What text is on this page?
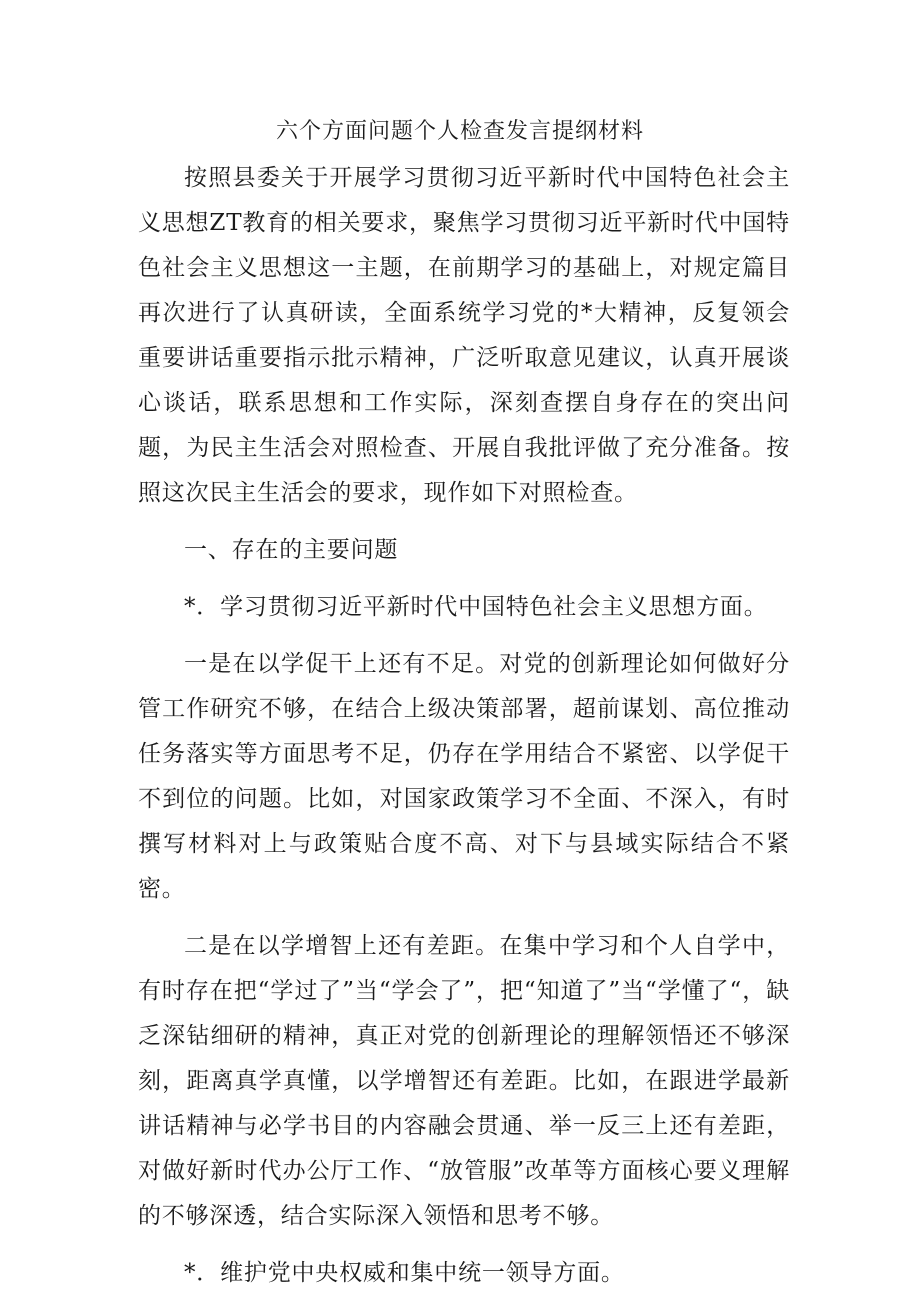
六个方面问题个人检查发言提纲材料

按照县委关于开展学习贯彻习近平新时代中国特色社会主义思想ZT教育的相关要求，聚焦学习贯彻习近平新时代中国特色社会主义思想这一主题，在前期学习的基础上，对规定篇目再次进行了认真研读，全面系统学习党的*大精神，反复领会重要讲话重要指示批示精神，广泛听取意见建议，认真开展谈心谈话，联系思想和工作实际，深刻查摆自身存在的突出问题，为民主生活会对照检查、开展自我批评做了充分准备。按照这次民主生活会的要求，现作如下对照检查。

一、存在的主要问题

*．学习贯彻习近平新时代中国特色社会主义思想方面。

一是在以学促干上还有不足。对党的创新理论如何做好分管工作研究不够，在结合上级决策部署，超前谋划、高位推动任务落实等方面思考不足，仍存在学用结合不紧密、以学促干不到位的问题。比如，对国家政策学习不全面、不深入，有时撰写材料对上与政策贴合度不高、对下与县域实际结合不紧密。

二是在以学增智上还有差距。在集中学习和个人自学中，有时存在把“学过了”当“学会了”，把“知道了”当“学懂了“，缺乏深钻细研的精神，真正对党的创新理论的理解领悟还不够深刻，距离真学真懂，以学增智还有差距。比如，在跟进学最新讲话精神与必学书目的内容融会贯通、举一反三上还有差距，对做好新时代办公厅工作、“放管服”改革等方面核心要义理解的不够深透，结合实际深入领悟和思考不够。

*．维护党中央权威和集中统一领导方面。
